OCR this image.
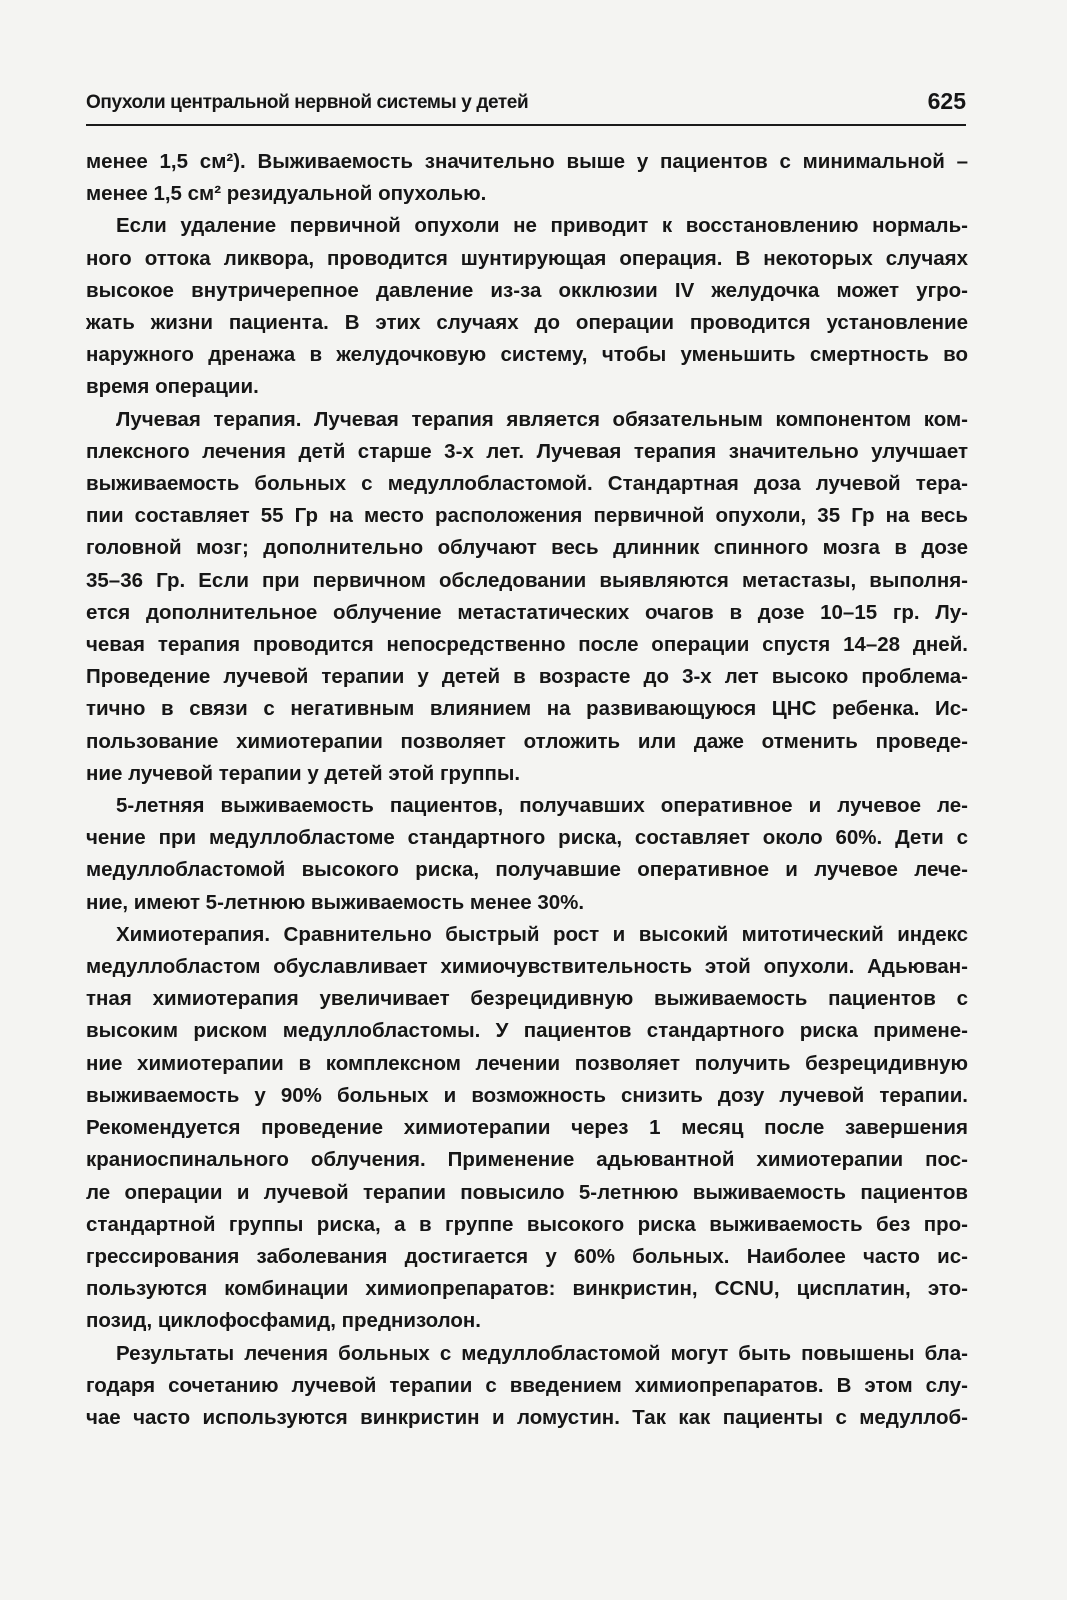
Опухоли центральной нервной системы у детей	625
менее 1,5 см²). Выживаемость значительно выше у пациентов с минимальной –
менее 1,5 см² резидуальной опухолью.
Если удаление первичной опухоли не приводит к восстановлению нормаль-
ного оттока ликвора, проводится шунтирующая операция. В некоторых случаях
высокое внутричерепное давление из-за окклюзии IV желудочка может угро-
жать жизни пациента. В этих случаях до операции проводится установление
наружного дренажа в желудочковую систему, чтобы уменьшить смертность во
время операции.
Лучевая терапия. Лучевая терапия является обязательным компонентом ком-
плексного лечения детй старше 3-х лет. Лучевая терапия значительно улучшает
выживаемость больных с медуллобластомой. Стандартная доза лучевой тера-
пии составляет 55 Гр на место расположения первичной опухоли, 35 Гр на весь
головной мозг; дополнительно облучают весь длинник спинного мозга в дозе
35–36 Гр. Если при первичном обследовании выявляются метастазы, выполня-
ется дополнительное облучение метастатических очагов в дозе 10–15 гр. Лу-
чевая терапия проводится непосредственно после операции спустя 14–28 дней.
Проведение лучевой терапии у детей в возрасте до 3-х лет высоко проблема-
тично в связи с негативным влиянием на развивающуюся ЦНС ребенка. Ис-
пользование химиотерапии позволяет отложить или даже отменить проведе-
ние лучевой терапии у детей этой группы.
5-летняя выживаемость пациентов, получавших оперативное и лучевое ле-
чение при медуллобластоме стандартного риска, составляет около 60%. Дети с
медуллобластомой высокого риска, получавшие оперативное и лучевое лече-
ние, имеют 5-летнюю выживаемость менее 30%.
Химиотерапия. Сравнительно быстрый рост и высокий митотический индекс
медуллобластом обуславливает химиочувствительность этой опухоли. Адьюван-
тная химиотерапия увеличивает безрецидивную выживаемость пациентов с
высоким риском медуллобластомы. У пациентов стандартного риска примене-
ние химиотерапии в комплексном лечении позволяет получить безрецидивную
выживаемость у 90% больных и возможность снизить дозу лучевой терапии.
Рекомендуется проведение химиотерапии через 1 месяц после завершения
краниоспинального облучения. Применение адьювантной химиотерапии пос-
ле операции и лучевой терапии повысило 5-летнюю выживаемость пациентов
стандартной группы риска, а в группе высокого риска выживаемость без про-
грессирования заболевания достигается у 60% больных. Наиболее часто ис-
пользуются комбинации химиопрепаратов: винкристин, CCNU, цисплатин, это-
позид, циклофосфамид, преднизолон.
Результаты лечения больных с медуллобластомой могут быть повышены бла-
годаря сочетанию лучевой терапии с введением химиопрепаратов. В этом слу-
чае часто используются винкристин и ломустин. Так как пациенты с медуллоб-
